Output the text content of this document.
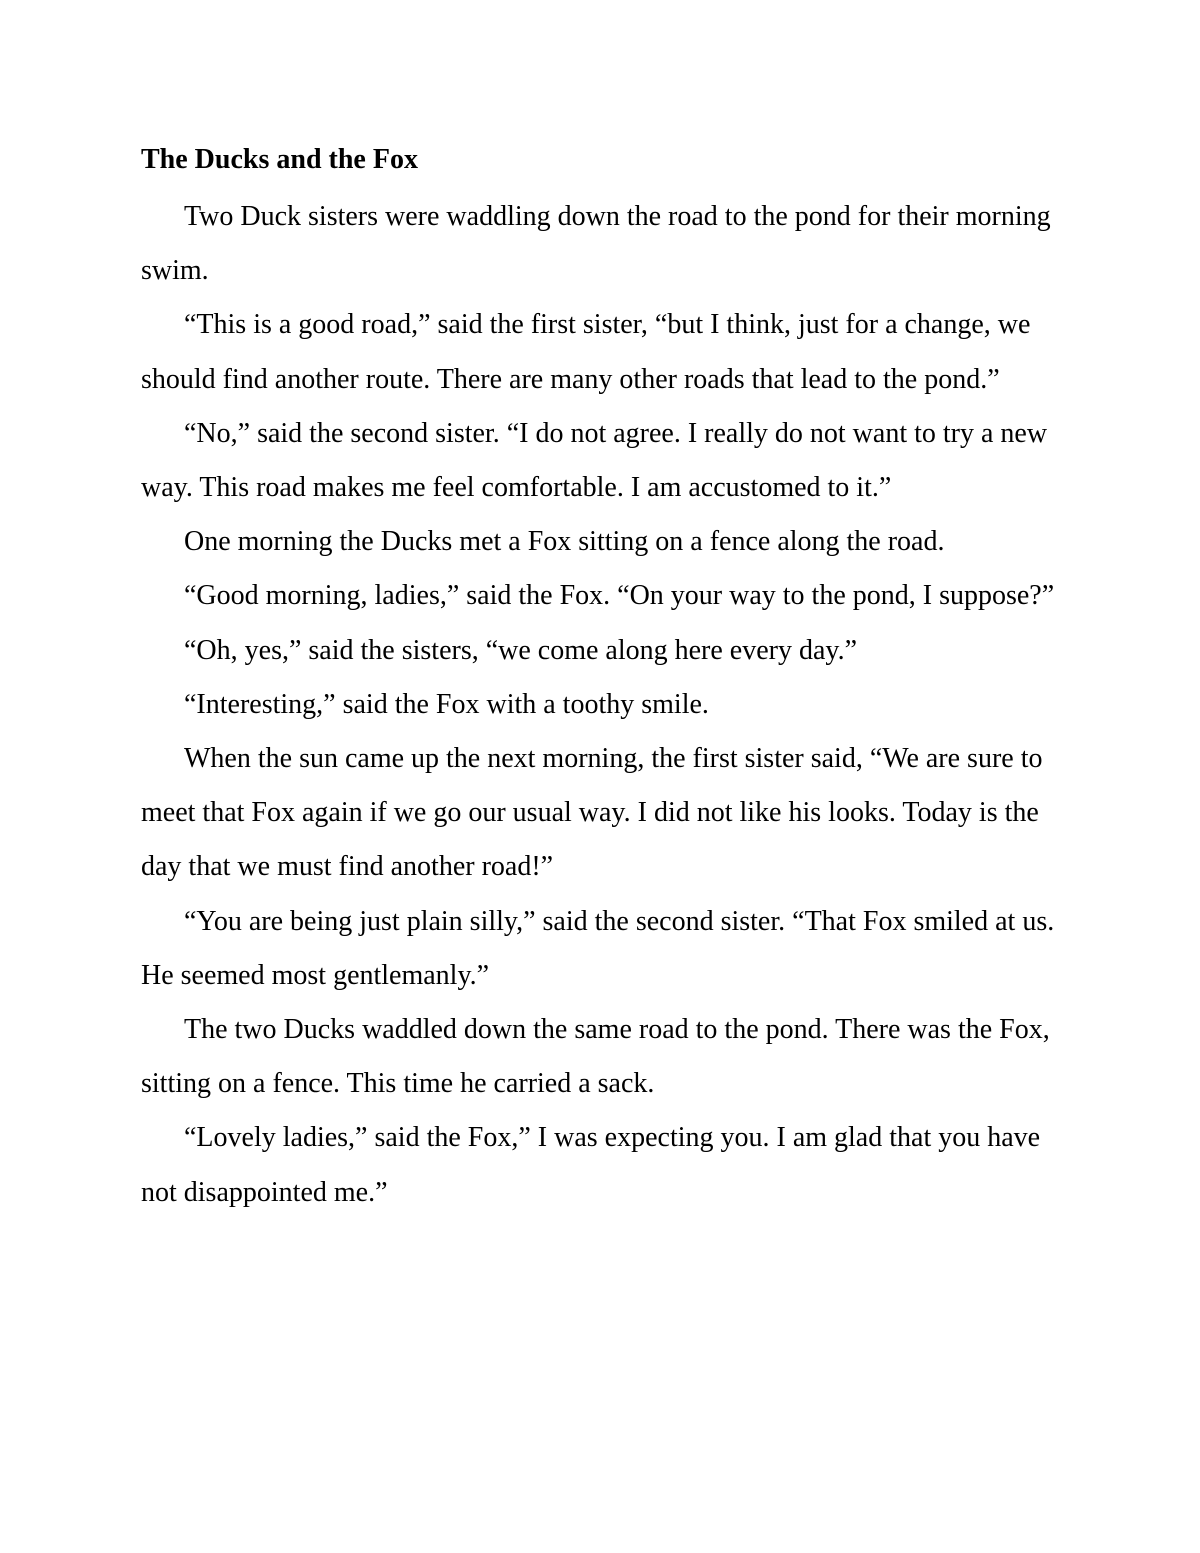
The Ducks and the Fox

Two Duck sisters were waddling down the road to the pond for their morning swim.

“This is a good road,” said the first sister, “but I think, just for a change, we should find another route. There are many other roads that lead to the pond.”

“No,” said the second sister. “I do not agree. I really do not want to try a new way. This road makes me feel comfortable. I am accustomed to it.”

One morning the Ducks met a Fox sitting on a fence along the road.

“Good morning, ladies,” said the Fox. “On your way to the pond, I suppose?”

“Oh, yes,” said the sisters, “we come along here every day.”

“Interesting,” said the Fox with a toothy smile.

When the sun came up the next morning, the first sister said, “We are sure to meet that Fox again if we go our usual way. I did not like his looks. Today is the day that we must find another road!”

“You are being just plain silly,” said the second sister. “That Fox smiled at us. He seemed most gentlemanly.”

The two Ducks waddled down the same road to the pond. There was the Fox, sitting on a fence. This time he carried a sack.

“Lovely ladies,” said the Fox,” I was expecting you. I am glad that you have not disappointed me.”
